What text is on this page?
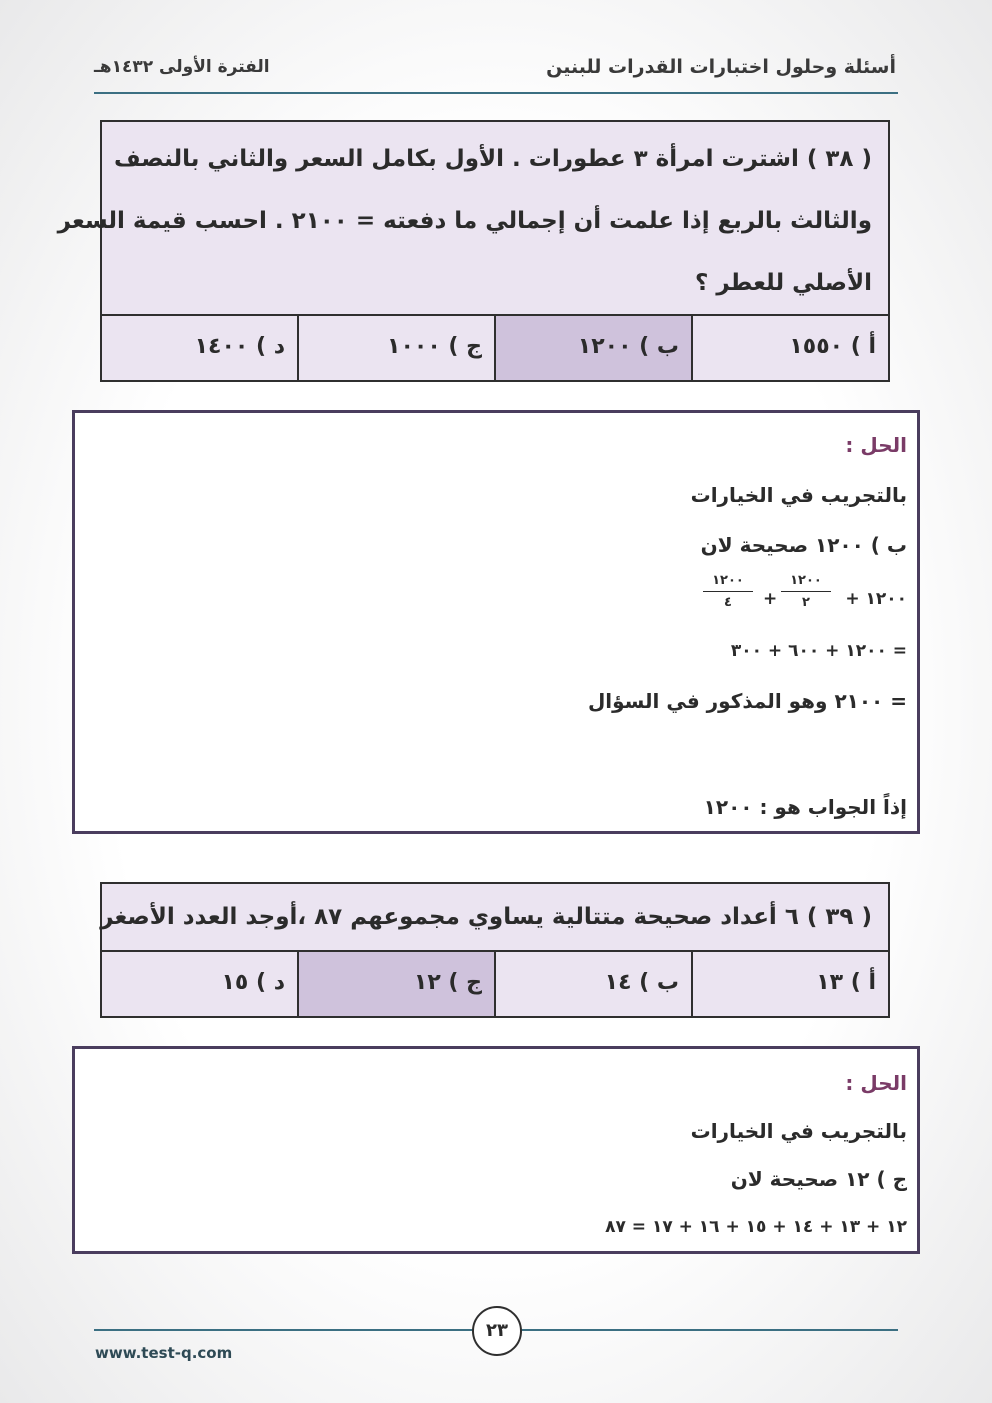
أسئلة وحلول اختبارات القدرات للبنين
الفترة الأولى ١٤٣٢هـ
( ٣٨ ) اشترت امرأة ٣ عطورات . الأول بكامل السعر والثاني بالنصف
والثالث بالربع إذا علمت أن إجمالي ما دفعته = ٢١٠٠ . احسب قيمة السعر
الأصلي للعطر ؟
أ ) ١٥٥٠
ب ) ١٢٠٠
ج ) ١٠٠٠
د ) ١٤٠٠
الحل :
بالتجريب في الخيارات
ب ) ١٢٠٠ صحيحة لان
١٢٠٠ +
١٢٠٠
٢
+
١٢٠٠
٤
= ١٢٠٠ + ٦٠٠ + ٣٠٠
= ٢١٠٠ وهو المذكور في السؤال
إذاً الجواب هو : ١٢٠٠
( ٣٩ ) ٦ أعداد صحيحة متتالية يساوي مجموعهم ٨٧ ،أوجد العدد الأصغر
أ ) ١٣
ب ) ١٤
ج ) ١٢
د ) ١٥
الحل :
بالتجريب في الخيارات
ج ) ١٢ صحيحة لان
١٢ + ١٣ + ١٤ + ١٥ + ١٦ + ١٧ = ٨٧
٢٣
www.test-q.com
